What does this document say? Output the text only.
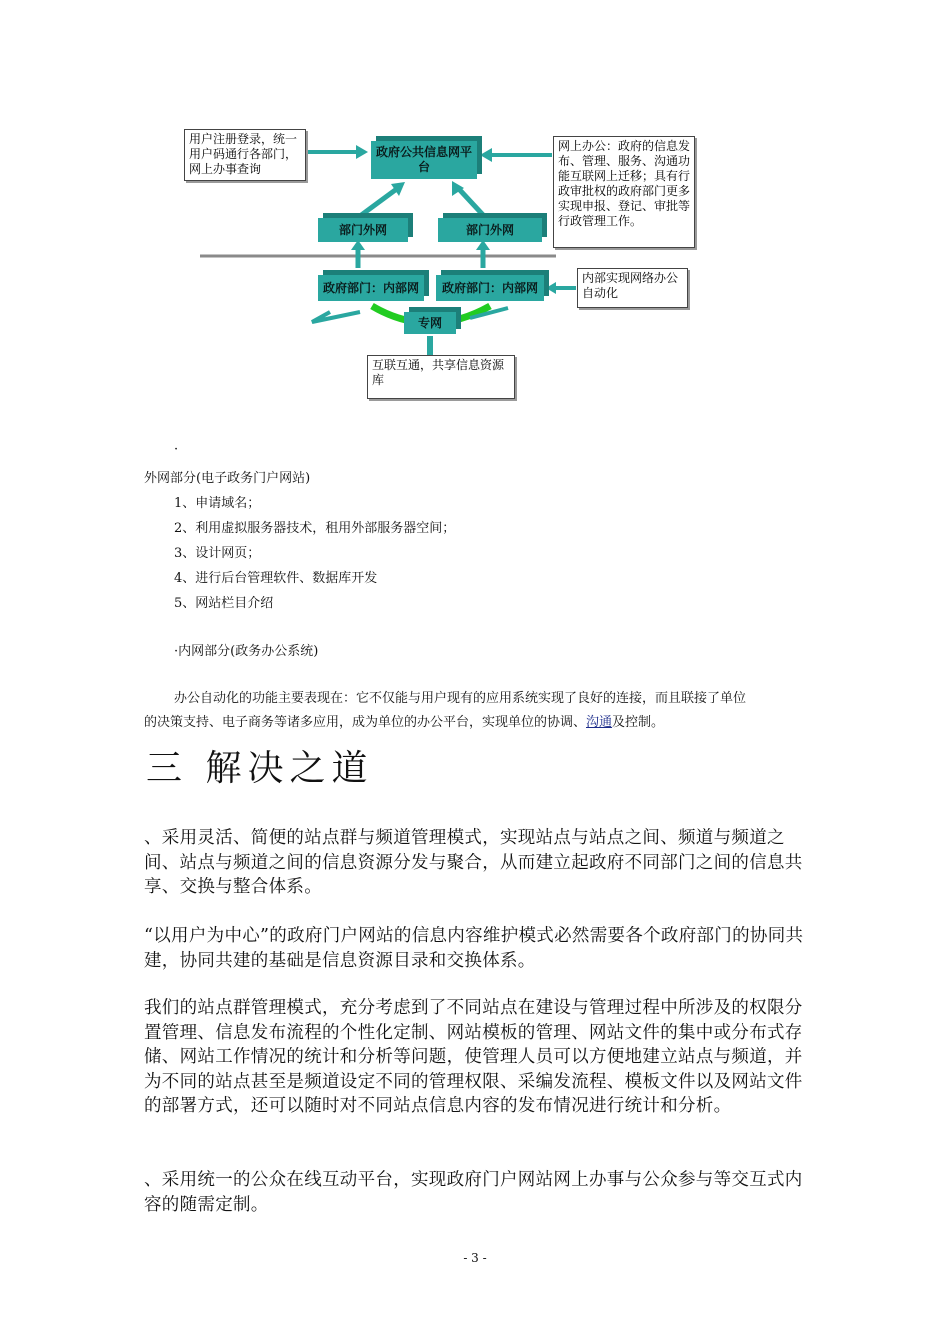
用户注册登录，统一用户码通行各部门，网上办事查询
网上办公：政府的信息发布、管理、服务、沟通功能互联网上迁移；具有行政审批权的政府部门更多实现申报、登记、审批等行政管理工作。
内部实现网络办公自动化
互联互通，共享信息资源库
政府公共信息网平台
部门外网	部门外网
政府部门：内部网	政府部门：内部网
专网
·
外网部分(电子政务门户网站)
1、申请域名；
2、利用虚拟服务器技术，租用外部服务器空间；
3、设计网页；
4、进行后台管理软件、数据库开发
5、网站栏目介绍
·内网部分(政务办公系统)
办公自动化的功能主要表现在：它不仅能与用户现有的应用系统实现了良好的连接，而且联接了单位
的决策支持、电子商务等诸多应用，成为单位的办公平台，实现单位的协调、沟通及控制。
三 解决之道
、采用灵活、简便的站点群与频道管理模式，实现站点与站点之间、频道与频道之间、站点与频道之间的信息资源分发与聚合，从而建立起政府不同部门之间的信息共享、交换与整合体系。
“以用户为中心”的政府门户网站的信息内容维护模式必然需要各个政府部门的协同共建，协同共建的基础是信息资源目录和交换体系。
我们的站点群管理模式，充分考虑到了不同站点在建设与管理过程中所涉及的权限分置管理、信息发布流程的个性化定制、网站模板的管理、网站文件的集中或分布式存储、网站工作情况的统计和分析等问题，使管理人员可以方便地建立站点与频道，并为不同的站点甚至是频道设定不同的管理权限、采编发流程、模板文件以及网站文件的部署方式，还可以随时对不同站点信息内容的发布情况进行统计和分析。
、采用统一的公众在线互动平台，实现政府门户网站网上办事与公众参与等交互式内容的随需定制。
- 3 -
